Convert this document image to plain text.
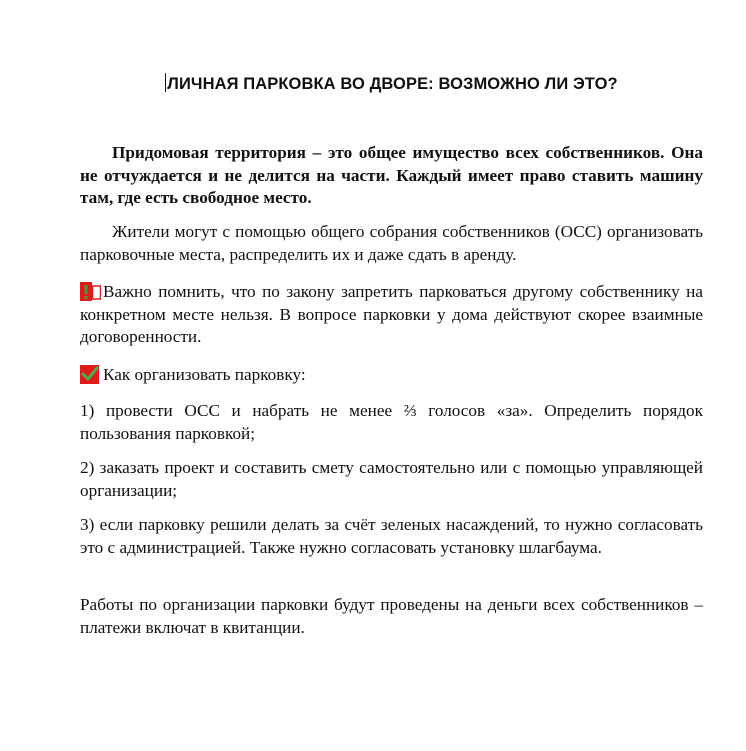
ЛИЧНАЯ ПАРКОВКА ВО ДВОРЕ: ВОЗМОЖНО ЛИ ЭТО?

Придомовая территория – это общее имущество всех собственников. Она не отчуждается и не делится на части. Каждый имеет право ставить машину там, где есть свободное место.

Жители могут с помощью общего собрания собственников (ОСС) организовать парковочные места, распределить их и даже сдать в аренду.

Важно помнить, что по закону запретить парковаться другому собственнику на конкретном месте нельзя. В вопросе парковки у дома действуют скорее взаимные договоренности.

Как организовать парковку:

1) провести ОСС и набрать не менее ⅔ голосов «за». Определить порядок пользования парковкой;

2) заказать проект и составить смету самостоятельно или с помощью управляющей организации;

3) если парковку решили делать за счёт зеленых насаждений, то нужно согласовать это с администрацией. Также нужно согласовать установку шлагбаума.

Работы по организации парковки будут проведены на деньги всех собственников – платежи включат в квитанции.
